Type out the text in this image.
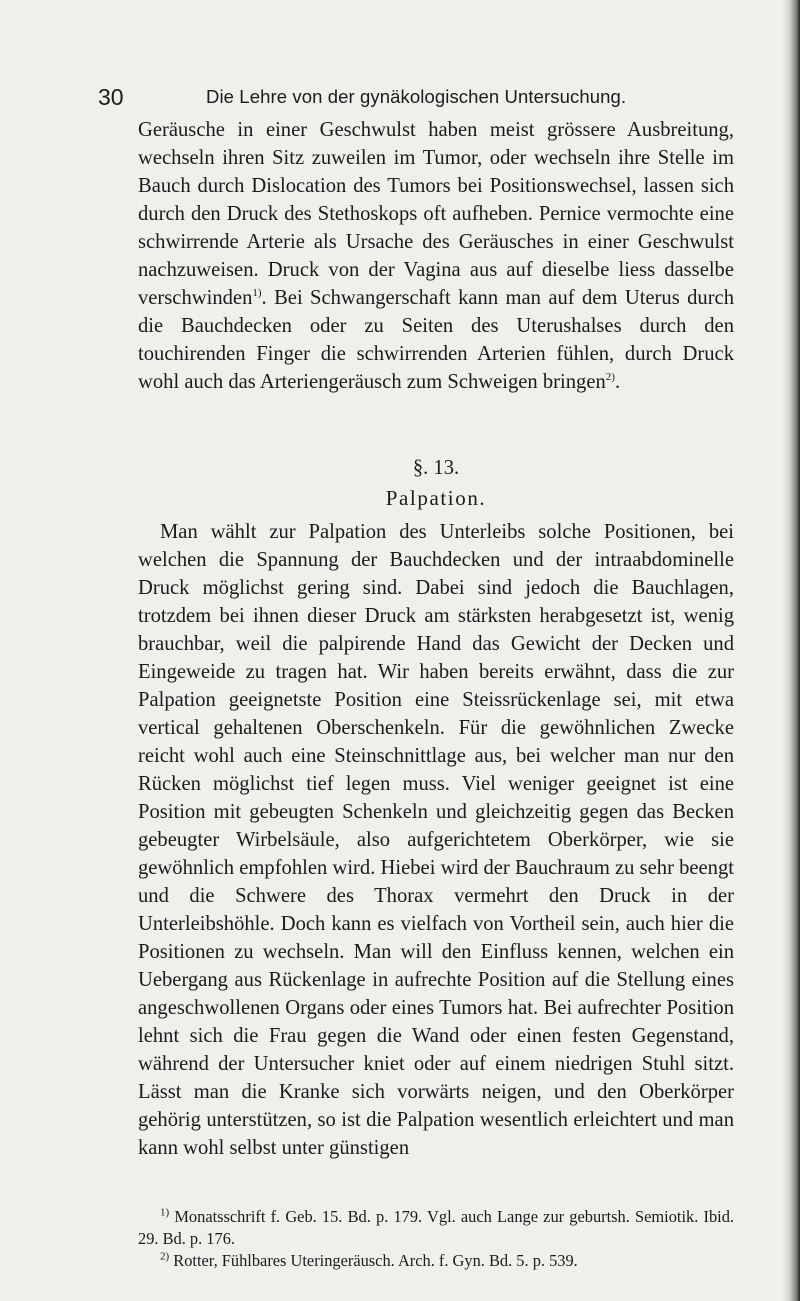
30	Die Lehre von der gynäkologischen Untersuchung.

Geräusche in einer Geschwulst haben meist grössere Ausbreitung, wechseln ihren Sitz zuweilen im Tumor, oder wechseln ihre Stelle im Bauch durch Dislocation des Tumors bei Positionswechsel, lassen sich durch den Druck des Stethoskops oft aufheben. Pernice vermochte eine schwirrende Arterie als Ursache des Geräusches in einer Geschwulst nachzuweisen. Druck von der Vagina aus auf dieselbe liess dasselbe verschwinden$^{1)}$. Bei Schwangerschaft kann man auf dem Uterus durch die Bauchdecken oder zu Seiten des Uterushalses durch den touchirenden Finger die schwirrenden Arterien fühlen, durch Druck wohl auch das Arteriengeräusch zum Schweigen bringen$^{2)}$.

§. 13.
Palpation.

Man wählt zur Palpation des Unterleibs solche Positionen, bei welchen die Spannung der Bauchdecken und der intraabdominelle Druck möglichst gering sind. Dabei sind jedoch die Bauchlagen, trotzdem bei ihnen dieser Druck am stärksten herabgesetzt ist, wenig brauchbar, weil die palpirende Hand das Gewicht der Decken und Eingeweide zu tragen hat. Wir haben bereits erwähnt, dass die zur Palpation geeignetste Position eine Steissrückenlage sei, mit etwa vertical gehaltenen Oberschenkeln. Für die gewöhnlichen Zwecke reicht wohl auch eine Steinschnittlage aus, bei welcher man nur den Rücken möglichst tief legen muss. Viel weniger geeignet ist eine Position mit gebeugten Schenkeln und gleichzeitig gegen das Becken gebeugter Wirbelsäule, also aufgerichtetem Oberkörper, wie sie gewöhnlich empfohlen wird. Hiebei wird der Bauchraum zu sehr beengt und die Schwere des Thorax vermehrt den Druck in der Unterleibshöhle. Doch kann es vielfach von Vortheil sein, auch hier die Positionen zu wechseln. Man will den Einfluss kennen, welchen ein Uebergang aus Rückenlage in aufrechte Position auf die Stellung eines angeschwollenen Organs oder eines Tumors hat. Bei aufrechter Position lehnt sich die Frau gegen die Wand oder einen festen Gegenstand, während der Untersucher kniet oder auf einem niedrigen Stuhl sitzt. Lässt man die Kranke sich vorwärts neigen, und den Oberkörper gehörig unterstützen, so ist die Palpation wesentlich erleichtert und man kann wohl selbst unter günstigen

$^{1)}$ Monatsschrift f. Geb. 15. Bd. p. 179. Vgl. auch Lange zur geburtsh. Semiotik. Ibid. 29. Bd. p. 176.

$^{2)}$ Rotter, Fühlbares Uteringeräusch. Arch. f. Gyn. Bd. 5. p. 539.
